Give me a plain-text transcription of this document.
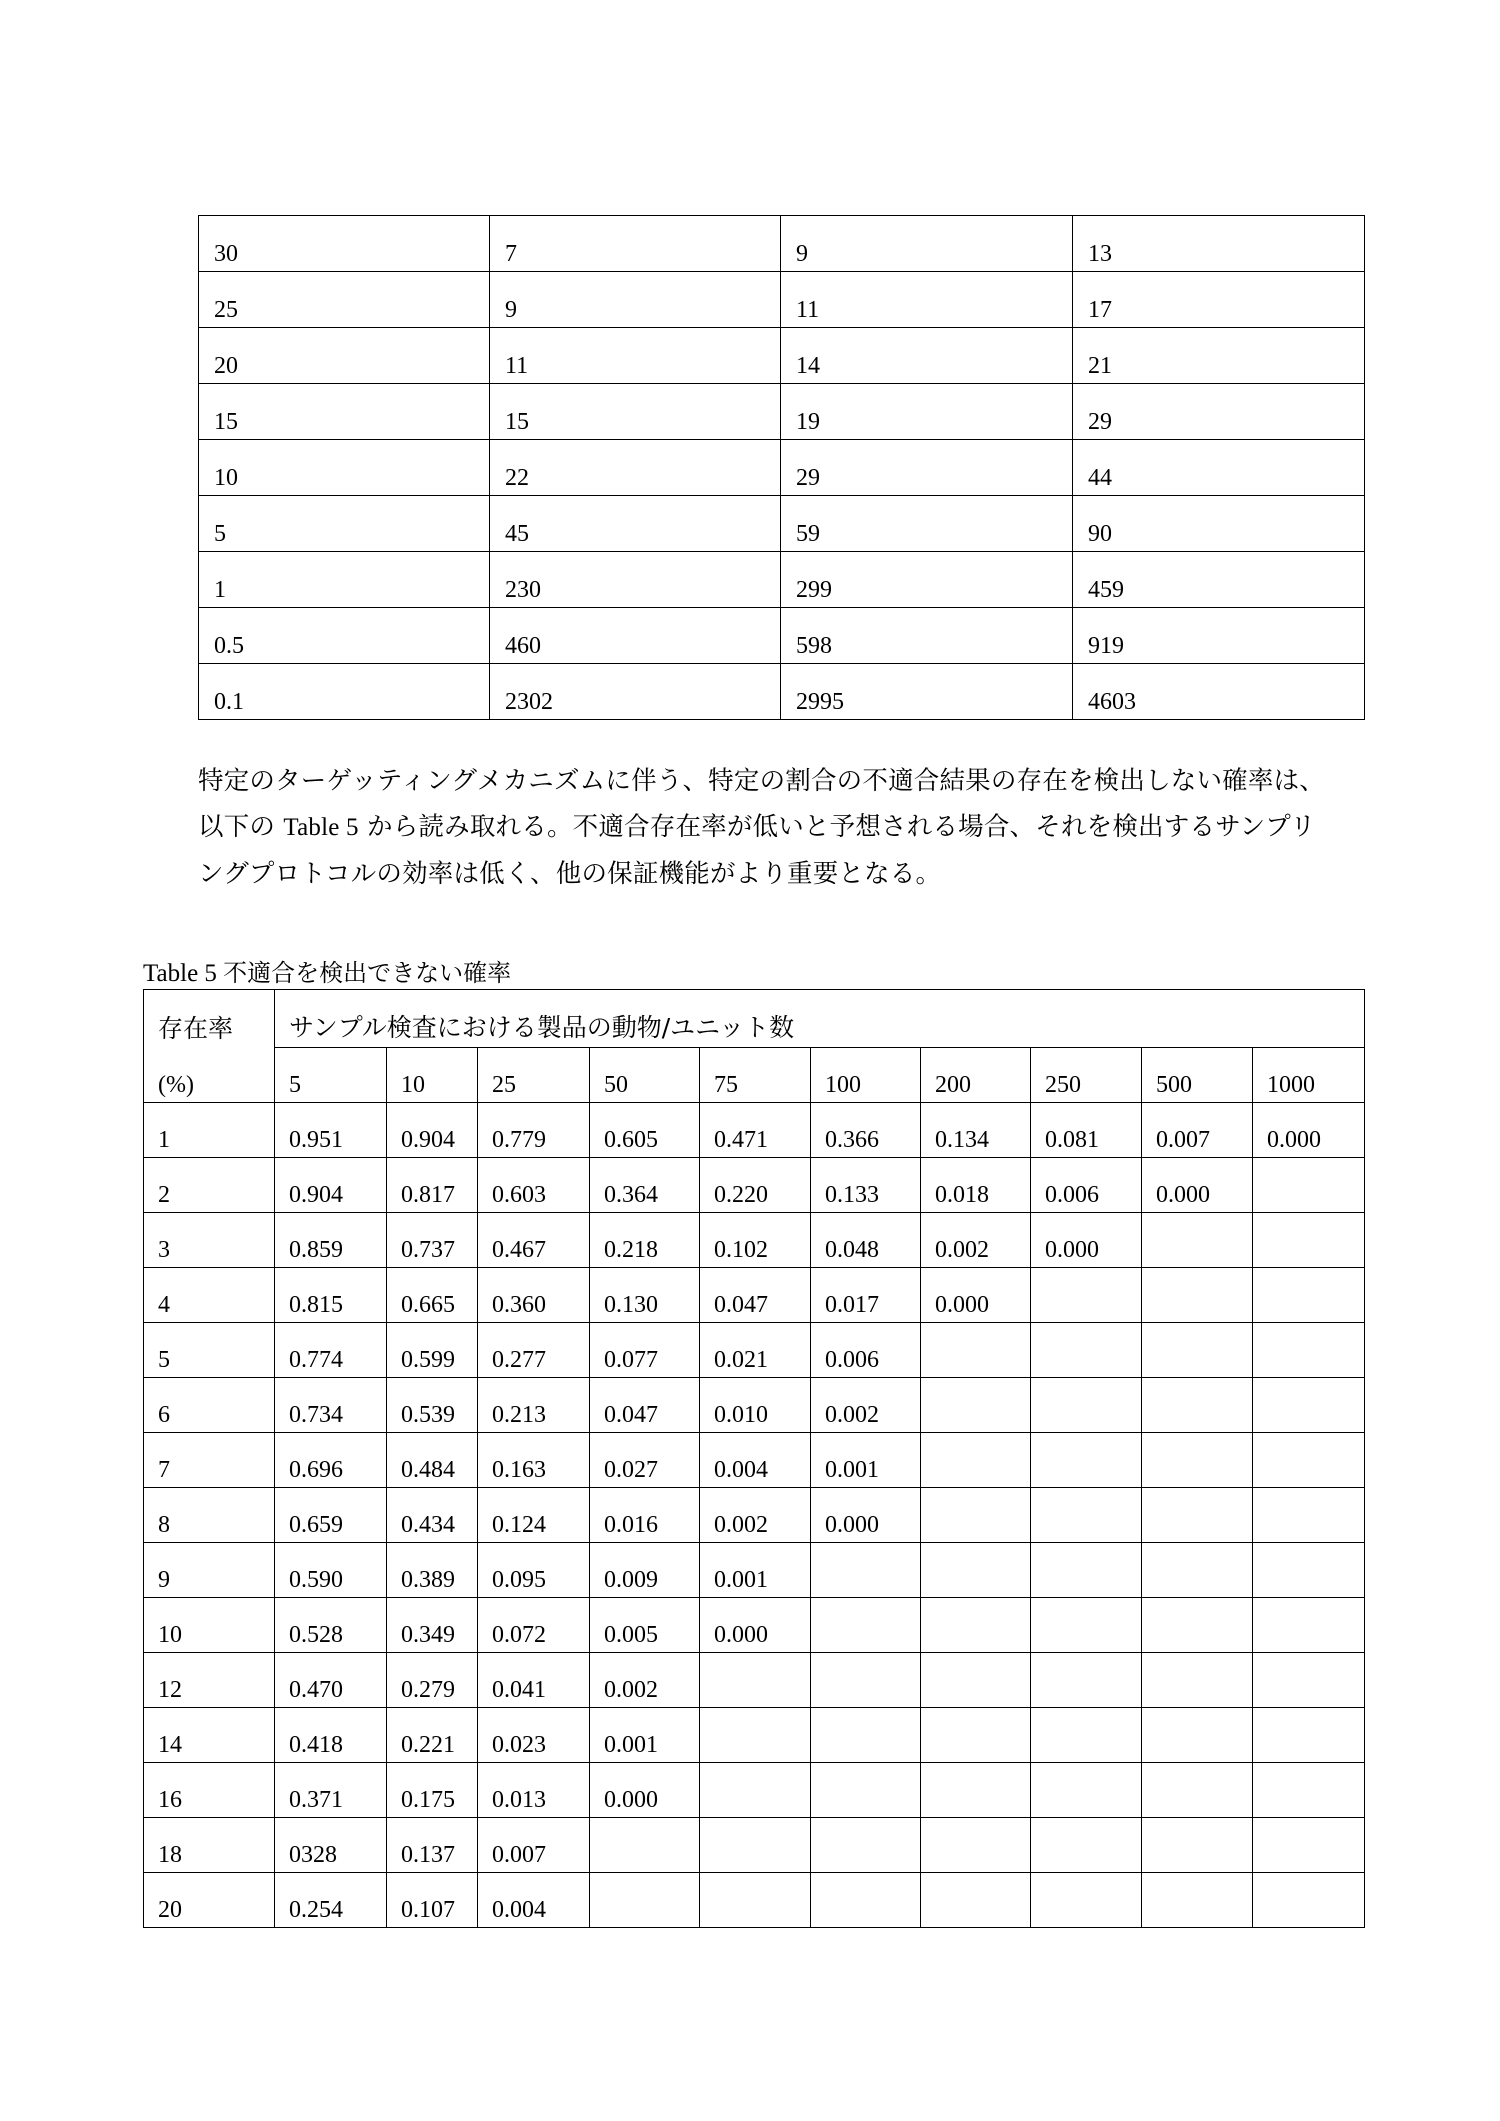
30	7	9	13
25	9	11	17
20	11	14	21
15	15	19	29
10	22	29	44
5	45	59	90
1	230	299	459
0.5	460	598	919
0.1	2302	2995	4603
特定のターゲッティングメカニズムに伴う、特定の割合の不適合結果の存在を検出しない確率は、
以下の Table 5 から読み取れる。不適合存在率が低いと予想される場合、それを検出するサンプリ
ングプロトコルの効率は低く、他の保証機能がより重要となる。
Table 5 不適合を検出できない確率
存在率	サンプル検査における製品の動物/ユニット数									
(%)	5	10	25	50	75	100	200	250	500	1000
1	0.951	0.904	0.779	0.605	0.471	0.366	0.134	0.081	0.007	0.000
2	0.904	0.817	0.603	0.364	0.220	0.133	0.018	0.006	0.000	
3	0.859	0.737	0.467	0.218	0.102	0.048	0.002	0.000		
4	0.815	0.665	0.360	0.130	0.047	0.017	0.000			
5	0.774	0.599	0.277	0.077	0.021	0.006				
6	0.734	0.539	0.213	0.047	0.010	0.002				
7	0.696	0.484	0.163	0.027	0.004	0.001				
8	0.659	0.434	0.124	0.016	0.002	0.000				
9	0.590	0.389	0.095	0.009	0.001					
10	0.528	0.349	0.072	0.005	0.000					
12	0.470	0.279	0.041	0.002						
14	0.418	0.221	0.023	0.001						
16	0.371	0.175	0.013	0.000						
18	0328	0.137	0.007							
20	0.254	0.107	0.004							
